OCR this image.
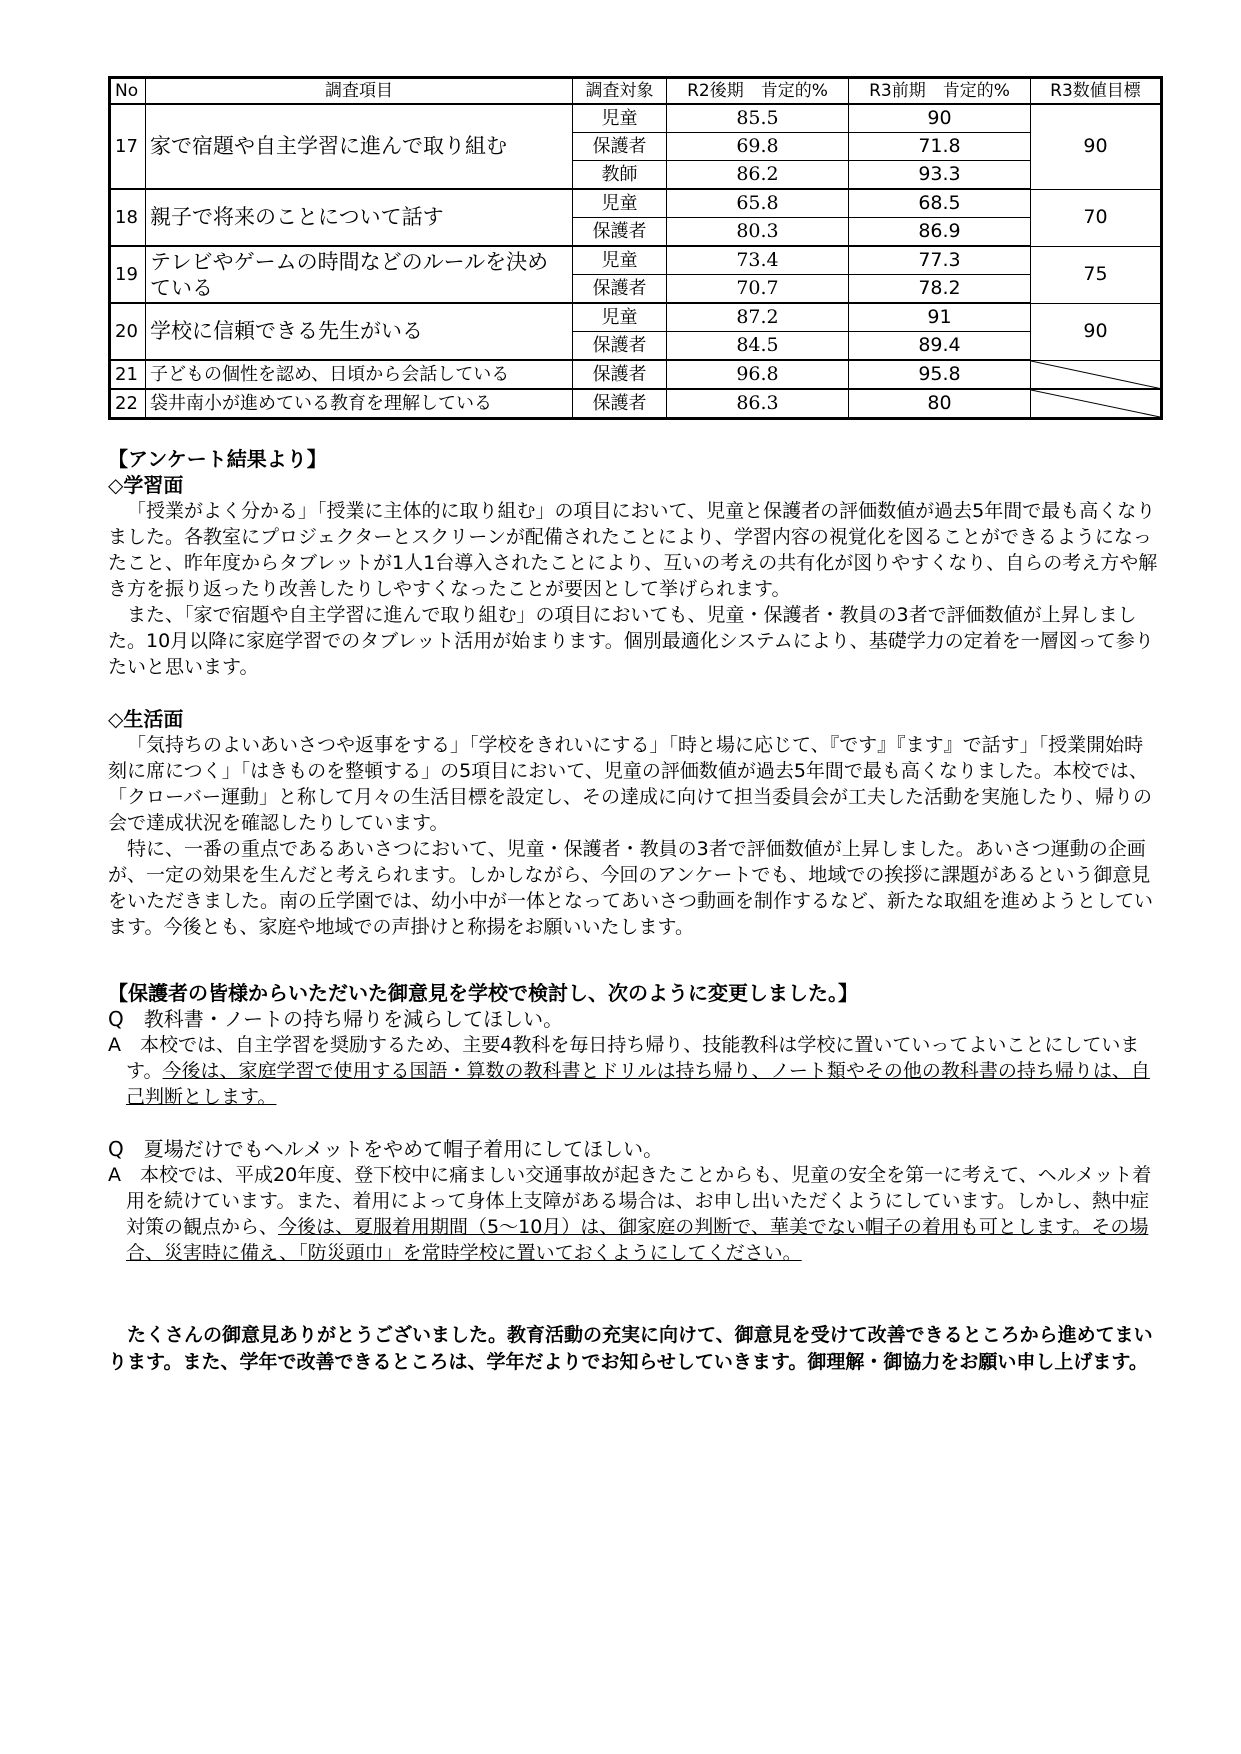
No	調査項目	調査対象	R2後期　肯定的%	R3前期　肯定的%	R3数値目標
17	家で宿題や自主学習に進んで取り組む	児童	85.5	90	90
		保護者	69.8	71.8	
		教師	86.2	93.3	
18	親子で将来のことについて話す	児童	65.8	68.5	70
		保護者	80.3	86.9	
19	テレビやゲームの時間などのルールを決めている	児童	73.4	77.3	75
		保護者	70.7	78.2	
20	学校に信頼できる先生がいる	児童	87.2	91	90
		保護者	84.5	89.4	
21	子どもの個性を認め、日頃から会話している	保護者	96.8	95.8	

22	袋井南小が進めている教育を理解している	保護者	86.3	80	
【アンケート結果より】
◇学習面

「授業がよく分かる」「授業に主体的に取り組む」の項目において、児童と保護者の評価数値が過去5年間で最も高くなりました。各教室にプロジェクターとスクリーンが配備されたことにより、学習内容の視覚化を図ることができるようになったこと、昨年度からタブレットが1人1台導入されたことにより、互いの考えの共有化が図りやすくなり、自らの考え方や解き方を振り返ったり改善したりしやすくなったことが要因として挙げられます。

また、「家で宿題や自主学習に進んで取り組む」の項目においても、児童・保護者・教員の3者で評価数値が上昇しました。10月以降に家庭学習でのタブレット活用が始まります。個別最適化システムにより、基礎学力の定着を一層図って参りたいと思います。

◇生活面

「気持ちのよいあいさつや返事をする」「学校をきれいにする」「時と場に応じて、『です』『ます』で話す」「授業開始時刻に席につく」「はきものを整頓する」の5項目において、児童の評価数値が過去5年間で最も高くなりました。本校では、「クローバー運動」と称して月々の生活目標を設定し、その達成に向けて担当委員会が工夫した活動を実施したり、帰りの会で達成状況を確認したりしています。

特に、一番の重点であるあいさつにおいて、児童・保護者・教員の3者で評価数値が上昇しました。あいさつ運動の企画が、一定の効果を生んだと考えられます。しかしながら、今回のアンケートでも、地域での挨拶に課題があるという御意見をいただきました。南の丘学園では、幼小中が一体となってあいさつ動画を制作するなど、新たな取組を進めようとしています。今後とも、家庭や地域での声掛けと称揚をお願いいたします。

【保護者の皆様からいただいた御意見を学校で検討し、次のように変更しました。】

Q　教科書・ノートの持ち帰りを減らしてほしい。

A　本校では、自主学習を奨励するため、主要4教科を毎日持ち帰り、技能教科は学校に置いていってよいことにしています。今後は、家庭学習で使用する国語・算数の教科書とドリルは持ち帰り、ノート類やその他の教科書の持ち帰りは、自己判断とします。

Q　夏場だけでもヘルメットをやめて帽子着用にしてほしい。

A　本校では、平成20年度、登下校中に痛ましい交通事故が起きたことからも、児童の安全を第一に考えて、ヘルメット着用を続けています。また、着用によって身体上支障がある場合は、お申し出いただくようにしています。しかし、熱中症対策の観点から、今後は、夏服着用期間（5～10月）は、御家庭の判断で、華美でない帽子の着用も可とします。その場合、災害時に備え、「防災頭巾」を常時学校に置いておくようにしてください。

たくさんの御意見ありがとうございました。教育活動の充実に向けて、御意見を受けて改善できるところから進めてまいります。また、学年で改善できるところは、学年だよりでお知らせしていきます。御理解・御協力をお願い申し上げます。
